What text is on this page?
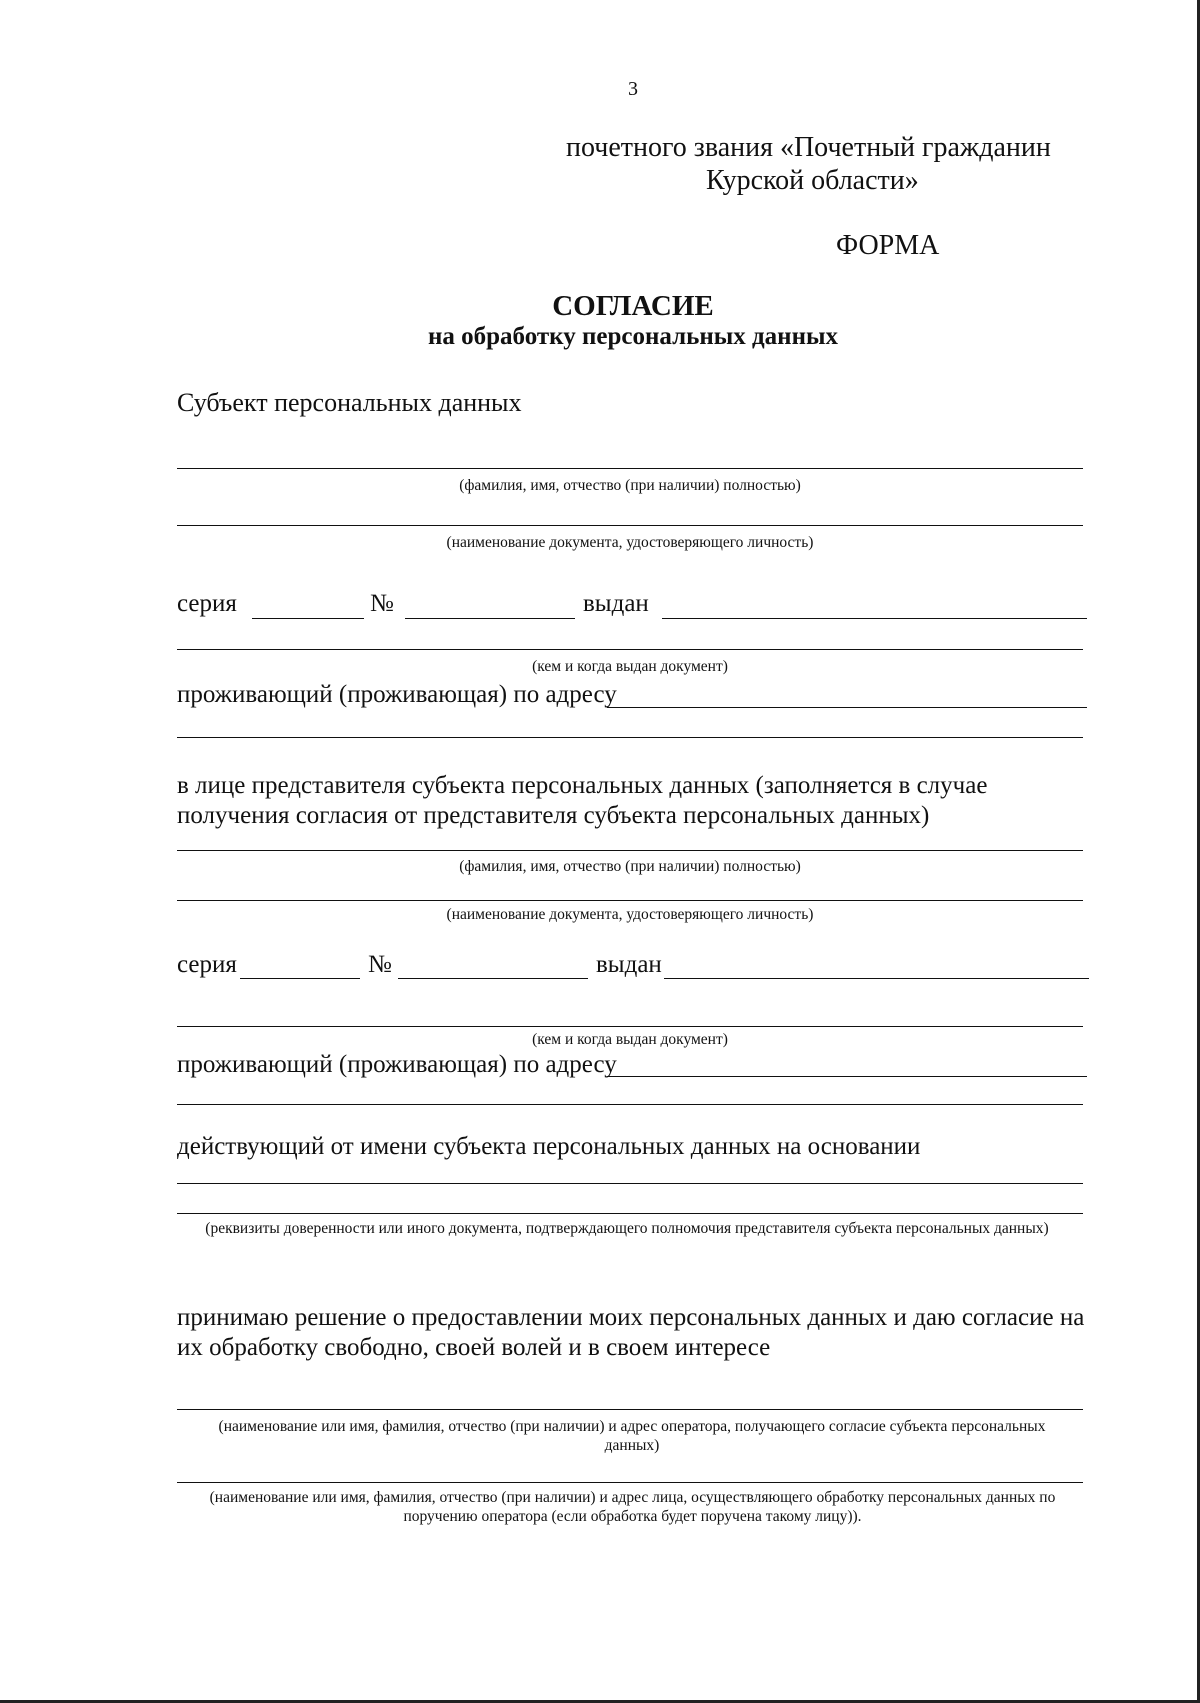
3
почетного звания «Почетный гражданин
Курской области»
ФОРМА
СОГЛАСИЕ
на обработку персональных данных
Субъект персональных данных
(фамилия, имя, отчество (при наличии) полностью)
(наименование документа, удостоверяющего личность)
серия	№	выдан
(кем и когда выдан документ)
проживающий (проживающая) по адресу
в лице представителя субъекта персональных данных (заполняется в случае получения согласия от представителя субъекта персональных данных)
(фамилия, имя, отчество (при наличии) полностью)
(наименование документа, удостоверяющего личность)
серия	№	выдан
(кем и когда выдан документ)
проживающий (проживающая) по адресу
действующий от имени субъекта персональных данных на основании
(реквизиты доверенности или иного документа, подтверждающего полномочия представителя субъекта персональных данных)
принимаю решение о предоставлении моих персональных данных и даю согласие на их обработку свободно, своей волей и в своем интересе
(наименование или имя, фамилия, отчество (при наличии) и адрес оператора, получающего согласие субъекта персональных данных)
(наименование или имя, фамилия, отчество (при наличии) и адрес лица, осуществляющего обработку персональных данных по поручению оператора (если обработка будет поручена такому лицу)).
